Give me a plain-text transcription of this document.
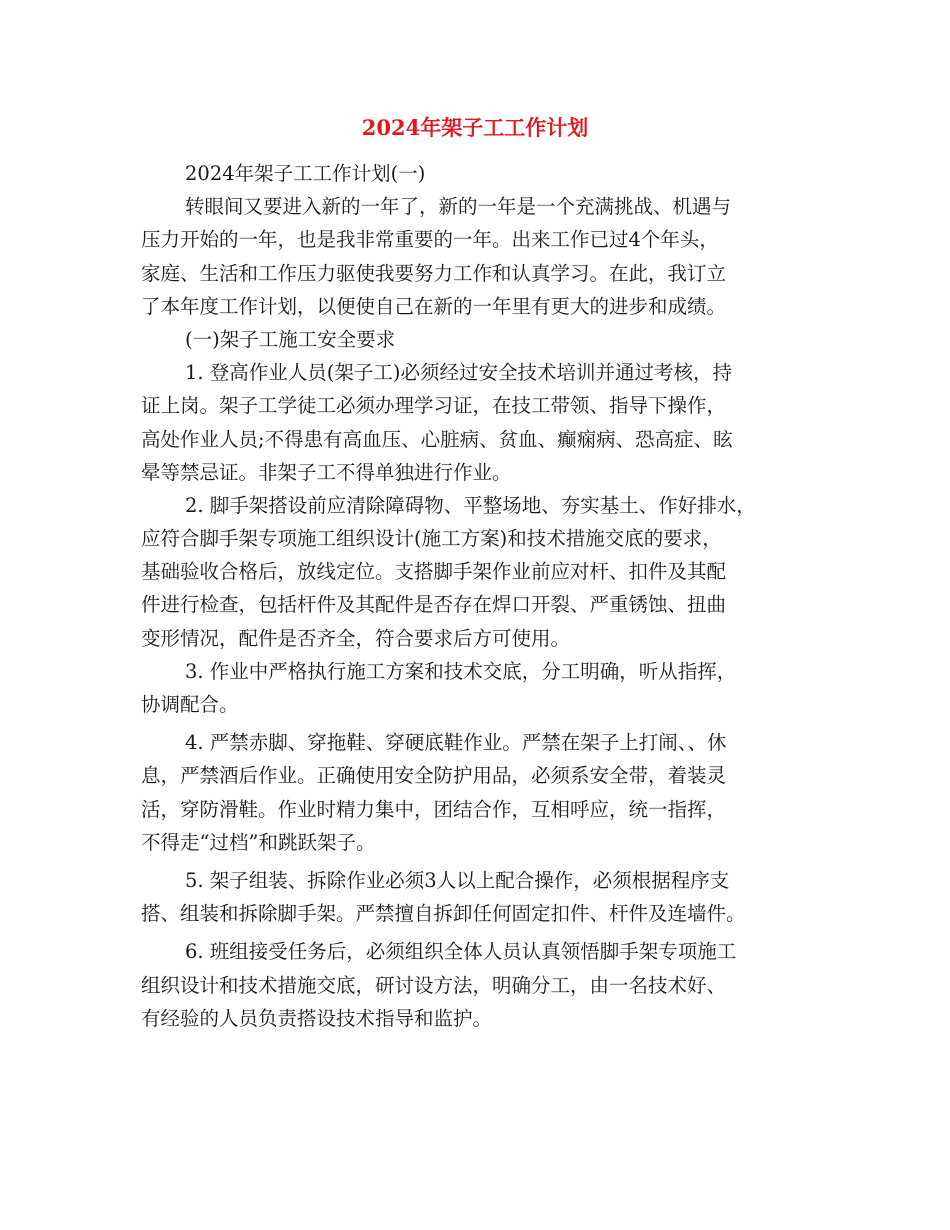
2024年架子工工作计划
2024年架子工工作计划(一)
转眼间又要进入新的一年了，新的一年是一个充满挑战、机遇与
压力开始的一年，也是我非常重要的一年。出来工作已过4个年头，
家庭、生活和工作压力驱使我要努力工作和认真学习。在此，我订立
了本年度工作计划，以便使自己在新的一年里有更大的进步和成绩。
(一)架子工施工安全要求
1. 登高作业人员(架子工)必须经过安全技术培训并通过考核，持
证上岗。架子工学徒工必须办理学习证，在技工带领、指导下操作，
高处作业人员;不得患有高血压、心脏病、贫血、癫痫病、恐高症、眩
晕等禁忌证。非架子工不得单独进行作业。
2. 脚手架搭设前应清除障碍物、平整场地、夯实基土、作好排水，
应符合脚手架专项施工组织设计(施工方案)和技术措施交底的要求，
基础验收合格后，放线定位。支搭脚手架作业前应对杆、扣件及其配
件进行检查，包括杆件及其配件是否存在焊口开裂、严重锈蚀、扭曲
变形情况，配件是否齐全，符合要求后方可使用。
3. 作业中严格执行施工方案和技术交底，分工明确，听从指挥，
协调配合。
4. 严禁赤脚、穿拖鞋、穿硬底鞋作业。严禁在架子上打闹、、休
息，严禁酒后作业。正确使用安全防护用品，必须系安全带，着装灵
活，穿防滑鞋。作业时精力集中，团结合作，互相呼应，统一指挥，
不得走“过档”和跳跃架子。
5. 架子组装、拆除作业必须3人以上配合操作，必须根据程序支
搭、组装和拆除脚手架。严禁擅自拆卸任何固定扣件、杆件及连墙件。
6. 班组接受任务后，必须组织全体人员认真领悟脚手架专项施工
组织设计和技术措施交底，研讨设方法，明确分工，由一名技术好、
有经验的人员负责搭设技术指导和监护。
